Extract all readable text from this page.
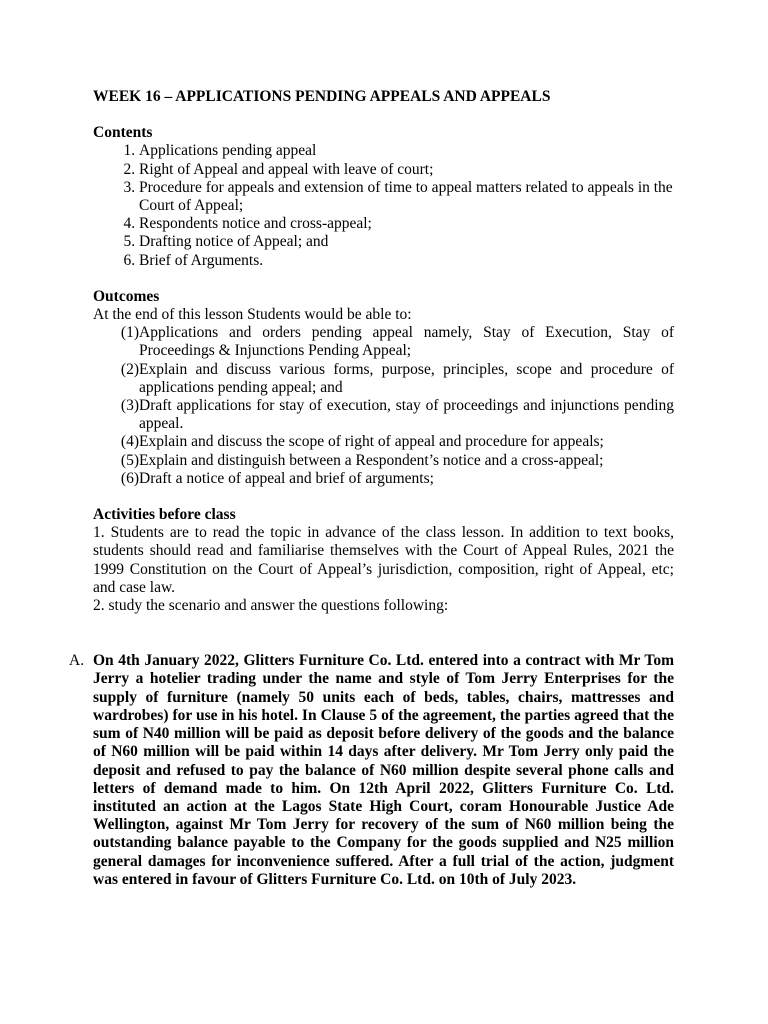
WEEK 16 – APPLICATIONS PENDING APPEALS AND APPEALS

Contents

1. Applications pending appeal
2. Right of Appeal and appeal with leave of court;
3. Procedure for appeals and extension of time to appeal matters related to appeals in the Court of Appeal;
4. Respondents notice and cross-appeal;
5. Drafting notice of Appeal; and
6. Brief of Arguments.

Outcomes

At the end of this lesson Students would be able to:

(1) Applications and orders pending appeal namely, Stay of Execution, Stay of Proceedings & Injunctions Pending Appeal;
(2) Explain and discuss various forms, purpose, principles, scope and procedure of applications pending appeal; and
(3) Draft applications for stay of execution, stay of proceedings and injunctions pending appeal.
(4) Explain and discuss the scope of right of appeal and procedure for appeals;
(5) Explain and distinguish between a Respondent’s notice and a cross-appeal;
(6) Draft a notice of appeal and brief of arguments;

Activities before class

1. Students are to read the topic in advance of the class lesson. In addition to text books, students should read and familiarise themselves with the Court of Appeal Rules, 2021 the 1999 Constitution on the Court of Appeal’s jurisdiction, composition, right of Appeal, etc; and case law.

2. study the scenario and answer the questions following:

A. On 4th January 2022, Glitters Furniture Co. Ltd. entered into a contract with Mr Tom Jerry a hotelier trading under the name and style of Tom Jerry Enterprises for the supply of furniture (namely 50 units each of beds, tables, chairs, mattresses and wardrobes) for use in his hotel. In Clause 5 of the agreement, the parties agreed that the sum of N40 million will be paid as deposit before delivery of the goods and the balance of N60 million will be paid within 14 days after delivery. Mr Tom Jerry only paid the deposit and refused to pay the balance of N60 million despite several phone calls and letters of demand made to him. On 12th April 2022, Glitters Furniture Co. Ltd. instituted an action at the Lagos State High Court, coram Honourable Justice Ade Wellington, against Mr Tom Jerry for recovery of the sum of N60 million being the outstanding balance payable to the Company for the goods supplied and N25 million general damages for inconvenience suffered. After a full trial of the action, judgment was entered in favour of Glitters Furniture Co. Ltd. on 10th of July 2023.
